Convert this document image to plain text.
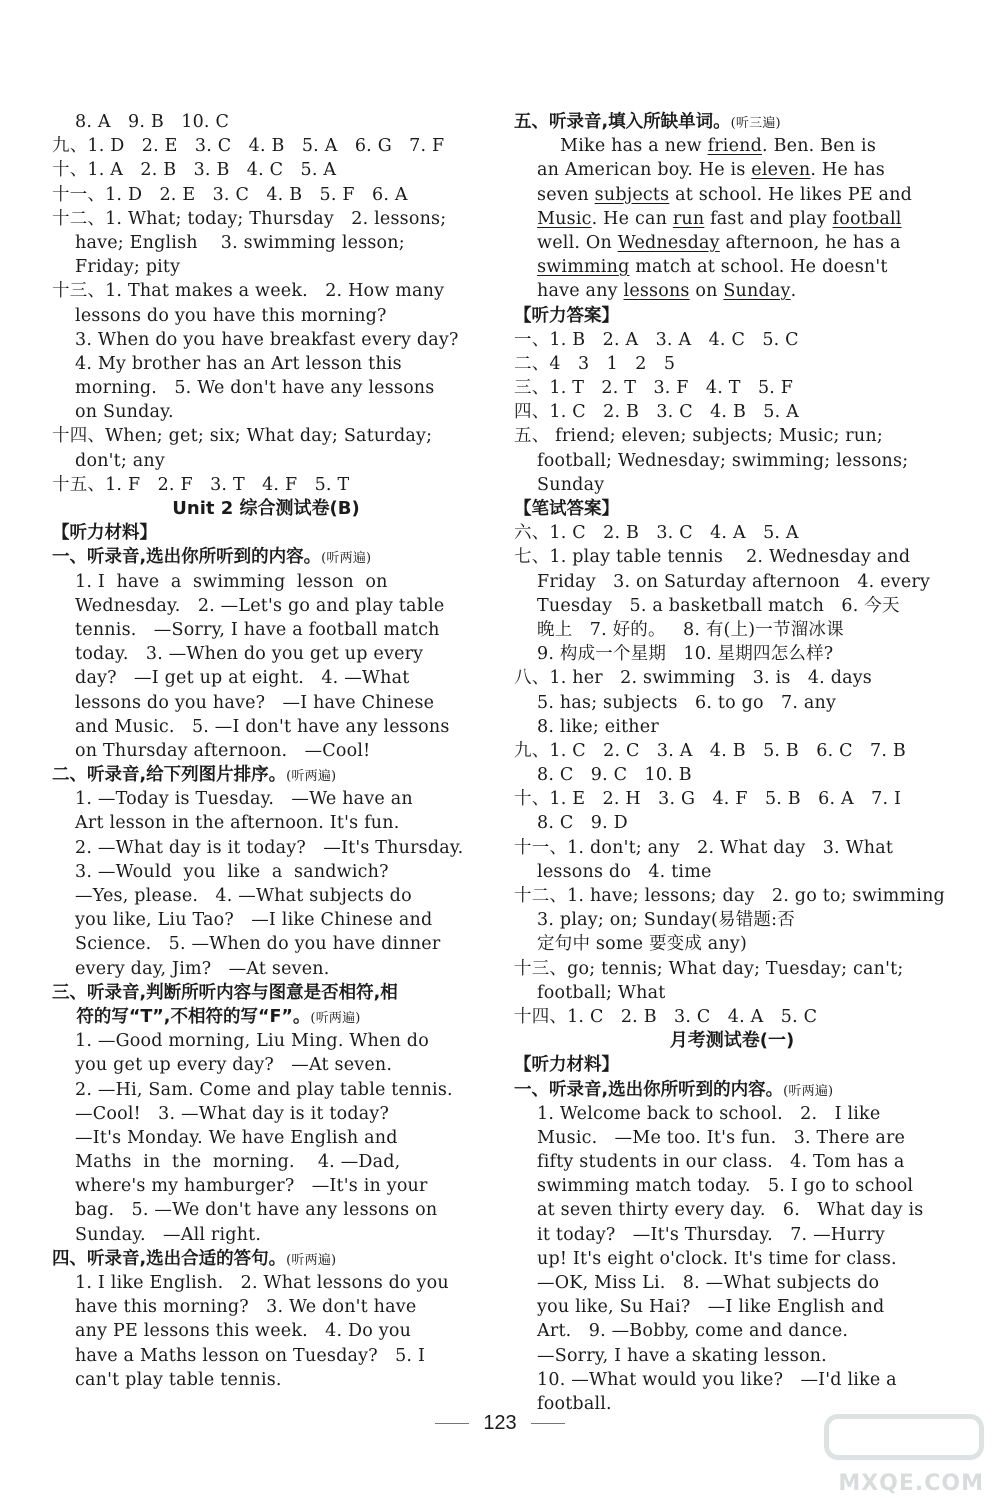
8. A   9. B   10. C
九、1. D   2. E   3. C   4. B   5. A   6. G   7. F
十、1. A   2. B   3. B   4. C   5. A
十一、1. D   2. E   3. C   4. B   5. F   6. A
十二、1. What; today; Thursday   2. lessons;
have; English    3. swimming lesson;
Friday; pity
十三、1. That makes a week.   2. How many
lessons do you have this morning?
3. When do you have breakfast every day?
4. My brother has an Art lesson this
morning.   5. We don't have any lessons
on Sunday.
十四、When; get; six; What day; Saturday;
don't; any
十五、1. F   2. F   3. T   4. F   5. T
Unit 2 综合测试卷(B)
【听力材料】
一、听录音,选出你所听到的内容。(听两遍)
1. I  have  a  swimming  lesson  on
Wednesday.   2. —Let's go and play table
tennis.   —Sorry, I have a football match
today.   3. —When do you get up every
day?   —I get up at eight.   4. —What
lessons do you have?   —I have Chinese
and Music.   5. —I don't have any lessons
on Thursday afternoon.   —Cool!
二、听录音,给下列图片排序。(听两遍)
1. —Today is Tuesday.   —We have an
Art lesson in the afternoon. It's fun.
2. —What day is it today?   —It's Thursday.
3. —Would  you  like  a  sandwich?
—Yes, please.   4. —What subjects do
you like, Liu Tao?   —I like Chinese and
Science.   5. —When do you have dinner
every day, Jim?   —At seven.
三、听录音,判断所听内容与图意是否相符,相
符的写“T”,不相符的写“F”。(听两遍)
1. —Good morning, Liu Ming. When do
you get up every day?   —At seven.
2. —Hi, Sam. Come and play table tennis.
—Cool!   3. —What day is it today?
—It's Monday. We have English and
Maths  in  the  morning.    4. —Dad,
where's my hamburger?   —It's in your
bag.   5. —We don't have any lessons on
Sunday.   —All right.
四、听录音,选出合适的答句。(听两遍)
1. I like English.   2. What lessons do you
have this morning?   3. We don't have
any PE lessons this week.   4. Do you
have a Maths lesson on Tuesday?   5. I
can't play table tennis.
五、听录音,填入所缺单词。(听三遍)
Mike has a new friend. Ben. Ben is
an American boy. He is eleven. He has
seven subjects at school. He likes PE and
Music. He can run fast and play football
well. On Wednesday afternoon, he has a
swimming match at school. He doesn't
have any lessons on Sunday.
【听力答案】
一、1. B   2. A   3. A   4. C   5. C
二、4   3   1   2   5
三、1. T   2. T   3. F   4. T   5. F
四、1. C   2. B   3. C   4. B   5. A
五、 friend; eleven; subjects; Music; run;
football; Wednesday; swimming; lessons;
Sunday
【笔试答案】
六、1. C   2. B   3. C   4. A   5. A
七、1. play table tennis    2. Wednesday and
Friday   3. on Saturday afternoon   4. every
Tuesday   5. a basketball match   6. 今天
晚上   7. 好的。   8. 有(上)一节溜冰课
9. 构成一个星期   10. 星期四怎么样?
八、1. her   2. swimming   3. is   4. days
5. has; subjects   6. to go   7. any
8. like; either
九、1. C   2. C   3. A   4. B   5. B   6. C   7. B
8. C   9. C   10. B
十、1. E   2. H   3. G   4. F   5. B   6. A   7. I
8. C   9. D
十一、1. don't; any   2. What day   3. What
lessons do   4. time
十二、1. have; lessons; day   2. go to; swimming
3. play; on; Sunday(易错题:否
定句中 some 要变成 any)
十三、go; tennis; What day; Tuesday; can't;
football; What
十四、1. C   2. B   3. C   4. A   5. C
月考测试卷(一)
【听力材料】
一、听录音,选出你所听到的内容。(听两遍)
1. Welcome back to school.   2.   I like
Music.   —Me too. It's fun.   3. There are
fifty students in our class.   4. Tom has a
swimming match today.   5. I go to school
at seven thirty every day.   6.   What day is
it today?   —It's Thursday.   7. —Hurry
up! It's eight o'clock. It's time for class.
—OK, Miss Li.   8. —What subjects do
you like, Su Hai?   —I like English and
Art.   9. —Bobby, come and dance.
—Sorry, I have a skating lesson.
10. —What would you like?   —I'd like a
football.
123
MXQE.COM
